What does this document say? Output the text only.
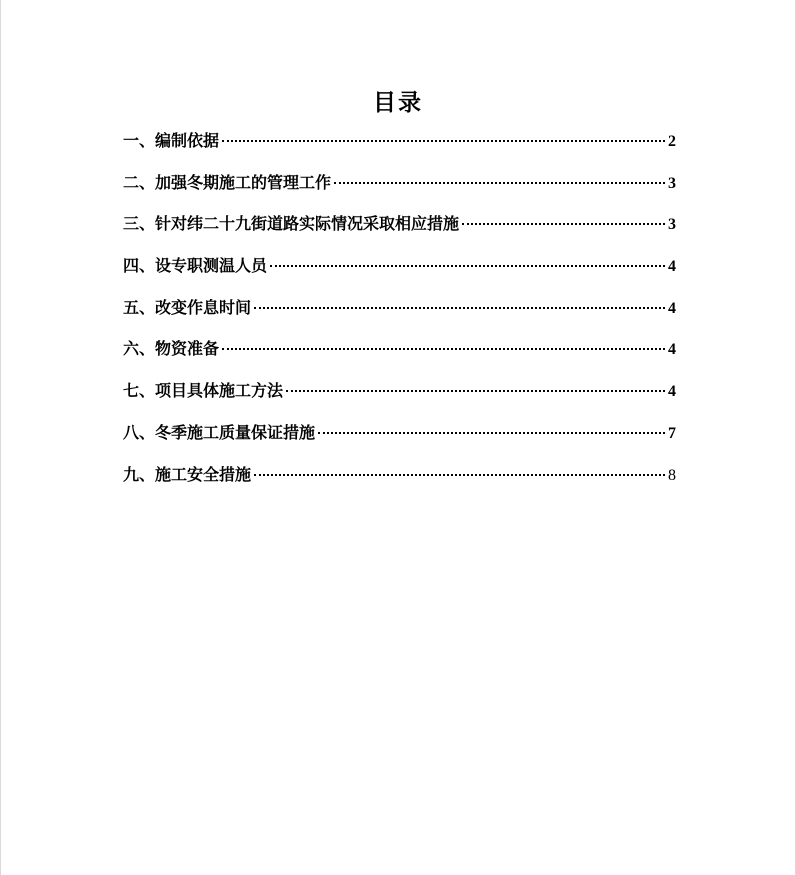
目录
一、编制依据	2
二、加强冬期施工的管理工作	3
三、针对纬二十九街道路实际情况采取相应措施	3
四、设专职测温人员	4
五、改变作息时间	4
六、物资准备	4
七、项目具体施工方法	4
八、冬季施工质量保证措施	7
九、施工安全措施	8
